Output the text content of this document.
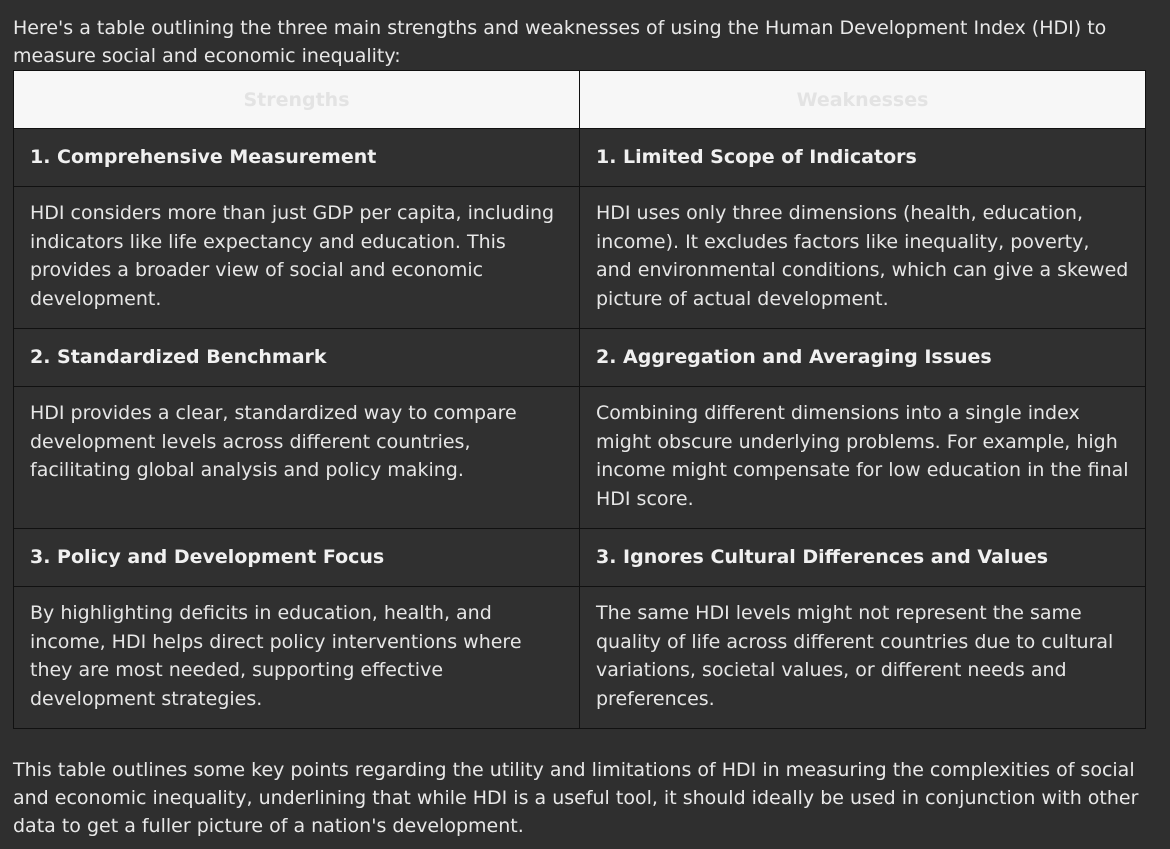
Here's a table outlining the three main strengths and weaknesses of using the Human Development Index (HDI) to measure social and economic inequality:

Strengths	Weaknesses
1. Comprehensive Measurement	1. Limited Scope of Indicators
HDI considers more than just GDP per capita, including indicators like life expectancy and education. This provides a broader view of social and economic development.	HDI uses only three dimensions (health, education, income). It excludes factors like inequality, poverty, and environmental conditions, which can give a skewed picture of actual development.
2. Standardized Benchmark	2. Aggregation and Averaging Issues
HDI provides a clear, standardized way to compare development levels across different countries, facilitating global analysis and policy making.	Combining different dimensions into a single index might obscure underlying problems. For example, high income might compensate for low education in the final HDI score.
3. Policy and Development Focus	3. Ignores Cultural Differences and Values
By highlighting deficits in education, health, and income, HDI helps direct policy interventions where they are most needed, supporting effective development strategies.	The same HDI levels might not represent the same quality of life across different countries due to cultural variations, societal values, or different needs and preferences.

This table outlines some key points regarding the utility and limitations of HDI in measuring the complexities of social and economic inequality, underlining that while HDI is a useful tool, it should ideally be used in conjunction with other data to get a fuller picture of a nation's development.
